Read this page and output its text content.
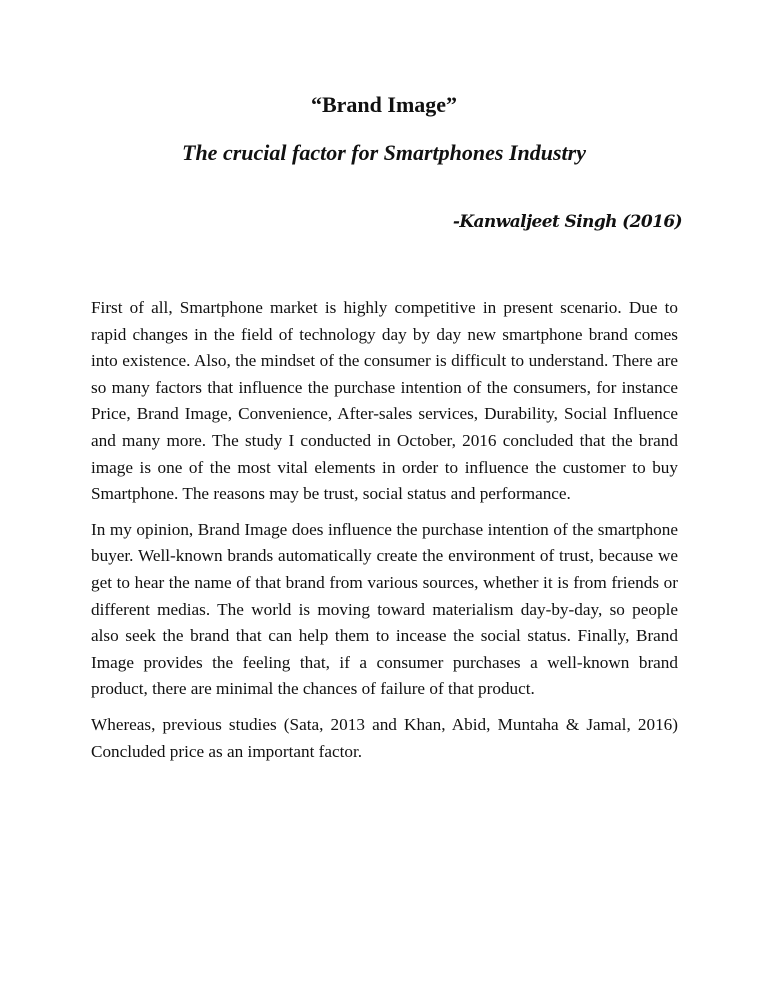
“Brand Image”
The crucial factor for Smartphones Industry
-Kanwaljeet Singh (2016)

First of all, Smartphone market is highly competitive in present scenario. Due to rapid changes in the field of technology day by day new smartphone brand comes into existence. Also, the mindset of the consumer is difficult to understand. There are so many factors that influence the purchase intention of the consumers, for instance Price, Brand Image, Convenience, After-sales services, Durability, Social Influence and many more. The study I conducted in October, 2016 concluded that the brand image is one of the most vital elements in order to influence the customer to buy Smartphone. The reasons may be trust, social status and performance.

In my opinion, Brand Image does influence the purchase intention of the smartphone buyer. Well-known brands automatically create the environment of trust, because we get to hear the name of that brand from various sources, whether it is from friends or different medias. The world is moving toward materialism day-by-day, so people also seek the brand that can help them to incease the social status. Finally, Brand Image provides the feeling that, if a consumer purchases a well-known brand product, there are minimal the chances of failure of that product.

Whereas, previous studies (Sata, 2013 and Khan, Abid, Muntaha & Jamal, 2016) Concluded price as an important factor.
